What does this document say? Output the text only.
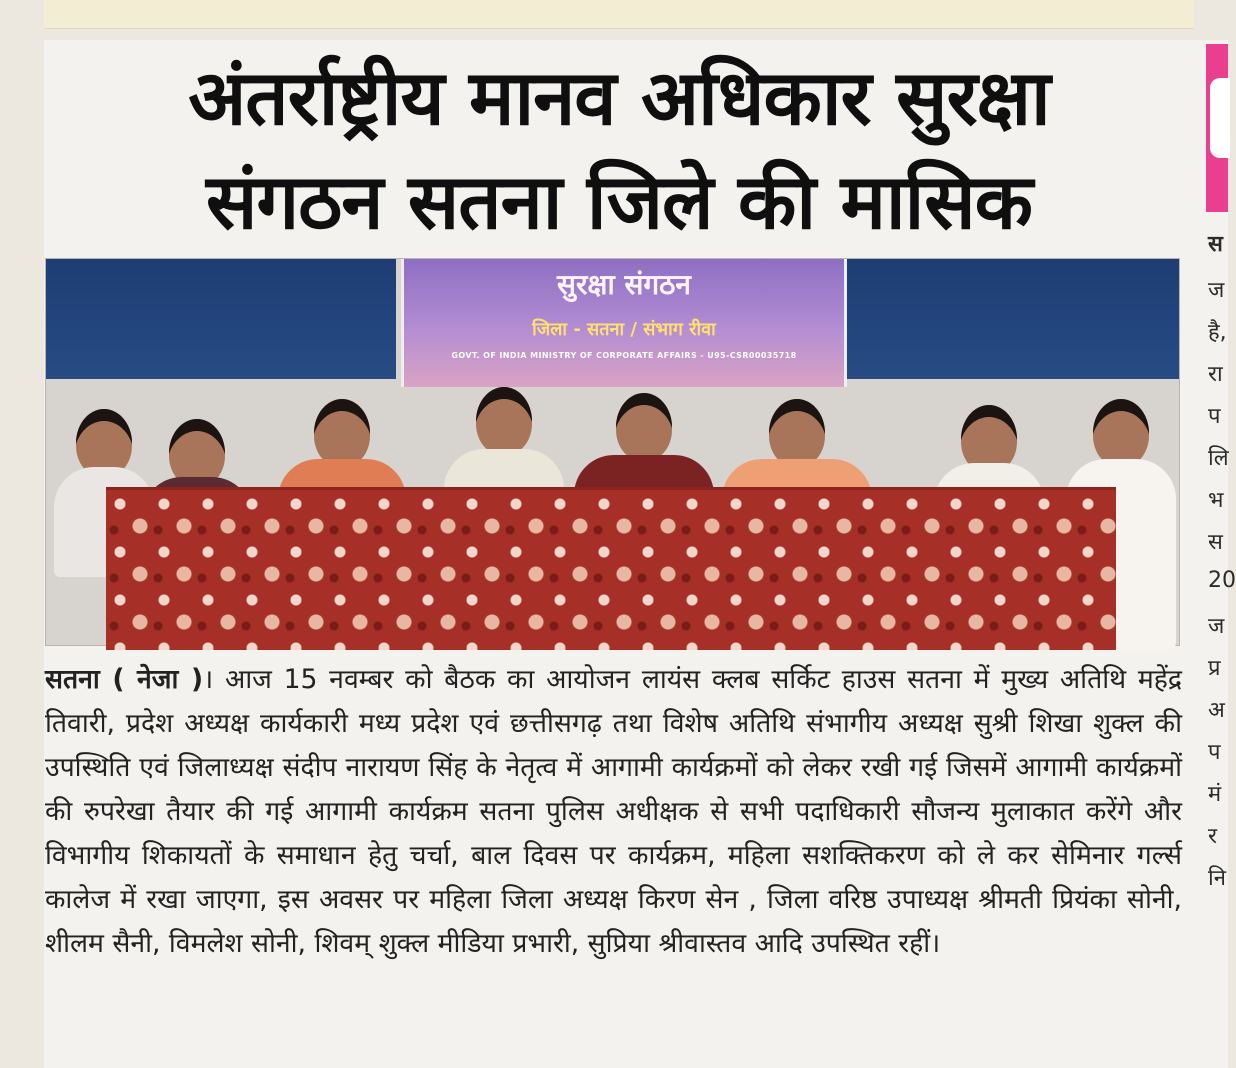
अंतर्राष्ट्रीय मानव अधिकार सुरक्षा
संगठन सतना जिले की मासिक
सुरक्षा संगठन
जिला - सतना / संभाग रीवा
GOVT. OF INDIA MINISTRY OF CORPORATE AFFAIRS - U95-CSR00035718

सतना ( नेजा )। आज 15 नवम्बर को बैठक का आयोजन लायंस क्लब सर्किट हाउस सतना में मुख्य अतिथि महेंद्र तिवारी, प्रदेश अध्यक्ष कार्यकारी मध्य प्रदेश एवं छत्तीसगढ़ तथा विशेष अतिथि संभागीय अध्यक्ष सुश्री शिखा शुक्ल की उपस्थिति एवं जिलाध्यक्ष संदीप नारायण सिंह के नेतृत्व में आगामी कार्यक्रमों को लेकर रखी गई जिसमें आगामी कार्यक्रमों की रुपरेखा तैयार की गई आगामी कार्यक्रम सतना पुलिस अधीक्षक से सभी पदाधिकारी सौजन्य मुलाकात करेंगे और विभागीय शिकायतों के समाधान हेतु चर्चा, बाल दिवस पर कार्यक्रम, महिला सशक्तिकरण को ले कर सेमिनार गर्ल्स कालेज में रखा जाएगा, इस अवसर पर महिला जिला अध्यक्ष किरण सेन , जिला वरिष्ठ उपाध्यक्ष श्रीमती प्रियंका सोनी, शीलम सैनी, विमलेश सोनी, शिवम् शुक्ल मीडिया प्रभारी, सुप्रिया श्रीवास्तव आदि उपस्थित रहीं।

स
ज
है,
रा
प
लि
भ
स
20
ज
प्र
अ
प
मं
र
नि
